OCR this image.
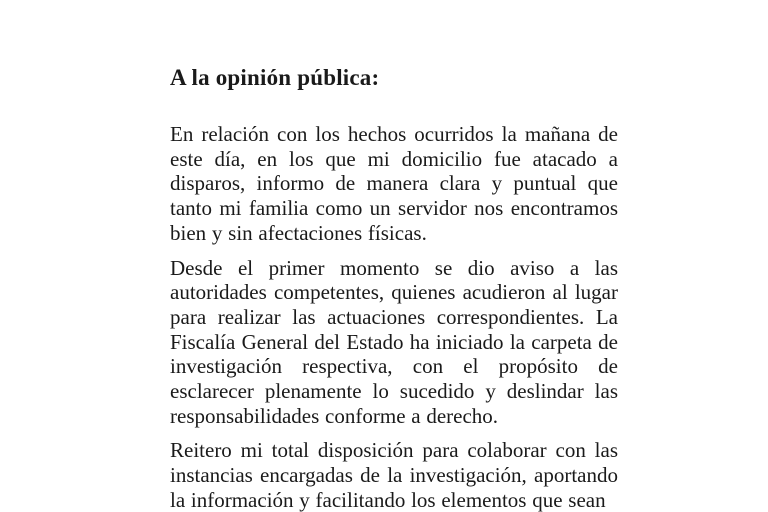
A la opinión pública:

En relación con los hechos ocurridos la mañana de este día, en los que mi domicilio fue atacado a disparos, informo de manera clara y puntual que tanto mi familia como un servidor nos encontramos bien y sin afectaciones físicas.

Desde el primer momento se dio aviso a las autoridades competentes, quienes acudieron al lugar para realizar las actuaciones correspondientes. La Fiscalía General del Estado ha iniciado la carpeta de investigación respectiva, con el propósito de esclarecer plenamente lo sucedido y deslindar las responsabilidades conforme a derecho.

Reitero mi total disposición para colaborar con las instancias encargadas de la investigación, aportando la información y facilitando los elementos que sean
